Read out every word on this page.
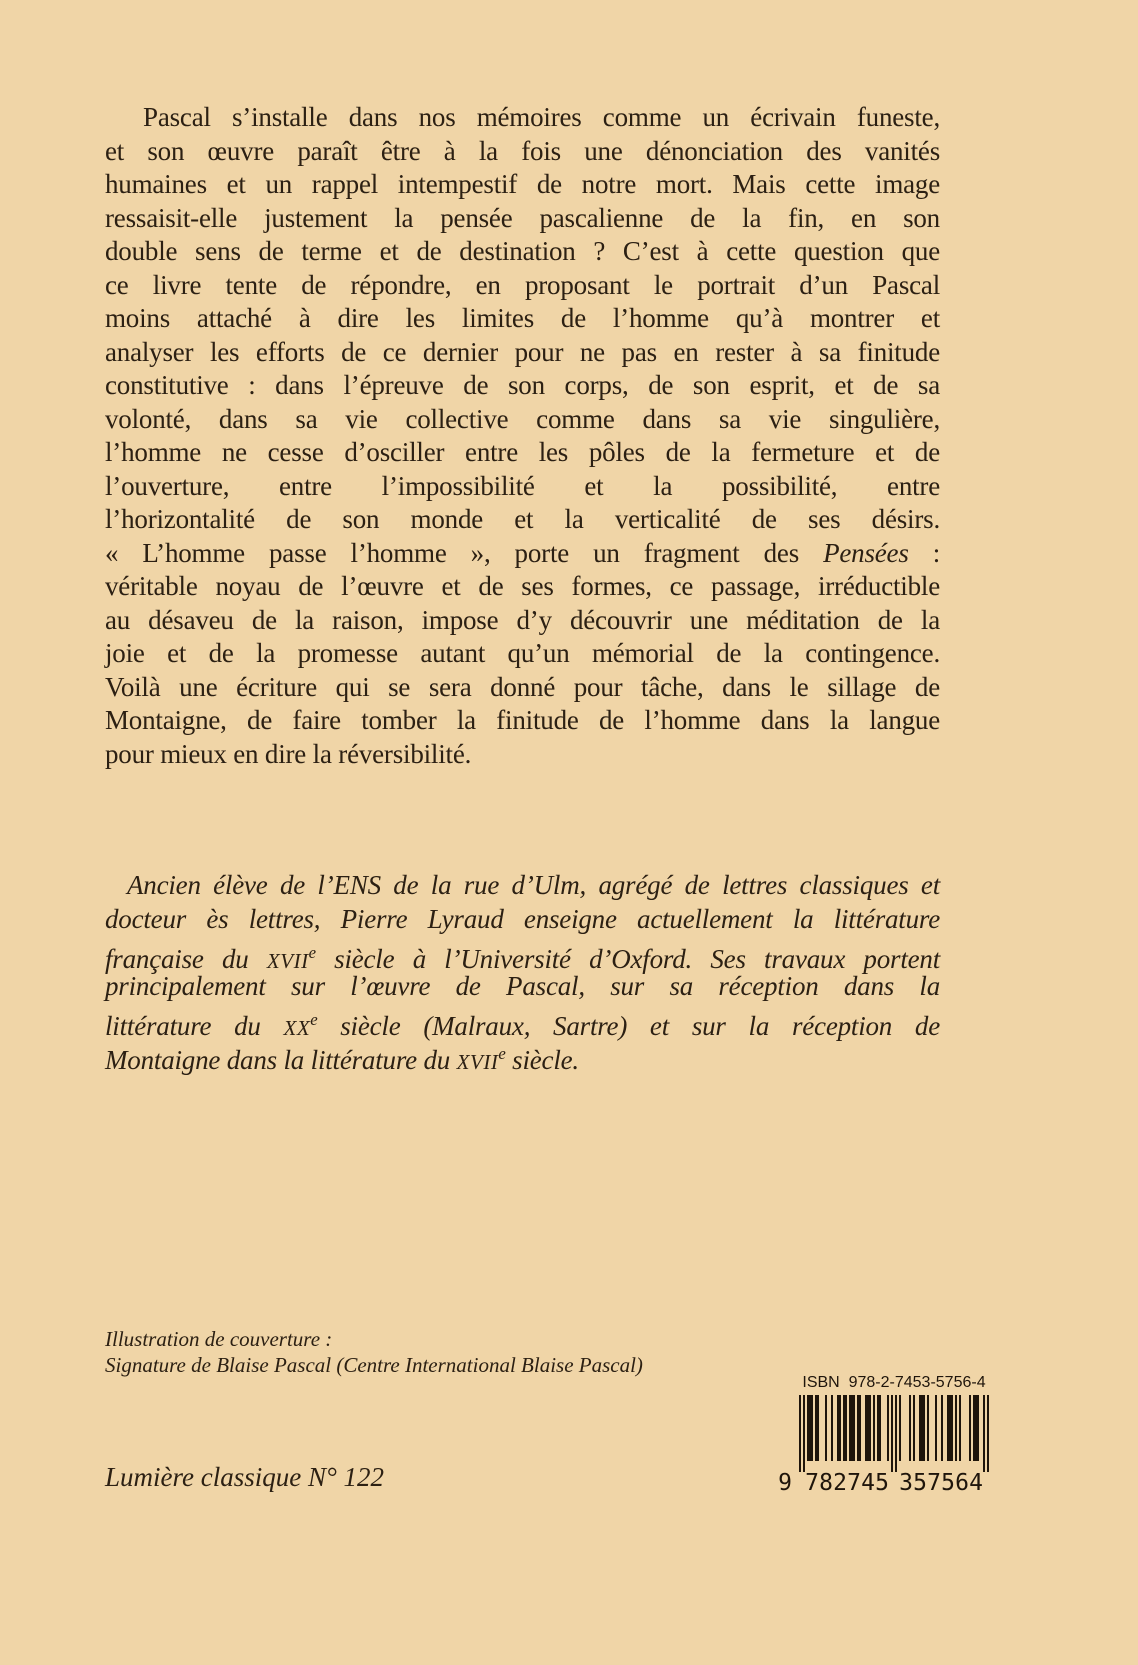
Pascal s’installe dans nos mémoires comme un écrivain funeste,
et son œuvre paraît être à la fois une dénonciation des vanités
humaines et un rappel intempestif de notre mort. Mais cette image
ressaisit-elle justement la pensée pascalienne de la fin, en son
double sens de terme et de destination ? C’est à cette question que
ce livre tente de répondre, en proposant le portrait d’un Pascal
moins attaché à dire les limites de l’homme qu’à montrer et
analyser les efforts de ce dernier pour ne pas en rester à sa finitude
constitutive : dans l’épreuve de son corps, de son esprit, et de sa
volonté, dans sa vie collective comme dans sa vie singulière,
l’homme ne cesse d’osciller entre les pôles de la fermeture et de
l’ouverture, entre l’impossibilité et la possibilité, entre
l’horizontalité de son monde et la verticalité de ses désirs.
« L’homme passe l’homme », porte un fragment des Pensées :
véritable noyau de l’œuvre et de ses formes, ce passage, irréductible
au désaveu de la raison, impose d’y découvrir une méditation de la
joie et de la promesse autant qu’un mémorial de la contingence.
Voilà une écriture qui se sera donné pour tâche, dans le sillage de
Montaigne, de faire tomber la finitude de l’homme dans la langue
pour mieux en dire la réversibilité.
Ancien élève de l’ENS de la rue d’Ulm, agrégé de lettres classiques et
docteur ès lettres, Pierre Lyraud enseigne actuellement la littérature
française du XVIIe siècle à l’Université d’Oxford. Ses travaux portent
principalement sur l’œuvre de Pascal, sur sa réception dans la
littérature du XXe siècle (Malraux, Sartre) et sur la réception de
Montaigne dans la littérature du XVIIe siècle.
Illustration de couverture :
Signature de Blaise Pascal (Centre International Blaise Pascal)
Lumière classique N° 122
ISBN  978-2-7453-5756-4
9 7	3
8	5
2	7
7	5
4	6
5	4
